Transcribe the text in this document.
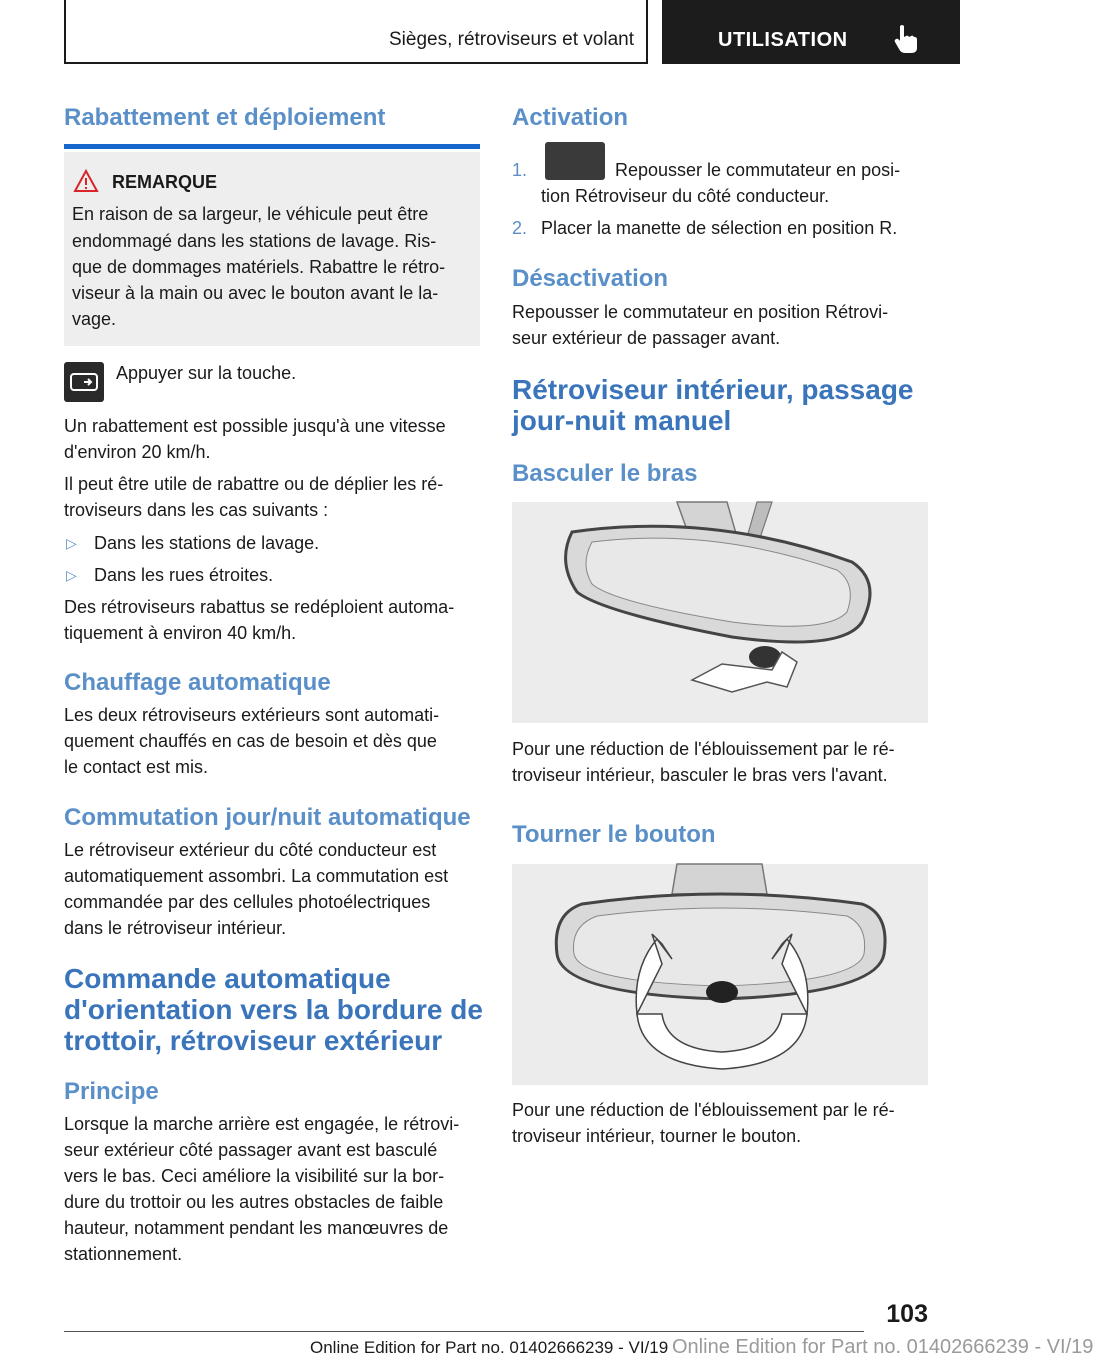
Sièges, rétroviseurs et volant	UTILISATION
Rabattement et déploiement
REMARQUE
En raison de sa largeur, le véhicule peut être
endommagé dans les stations de lavage. Ris-
que de dommages matériels. Rabattre le rétro-
viseur à la main ou avec le bouton avant le la-
vage.
Appuyer sur la touche.
Un rabattement est possible jusqu'à une vitesse
d'environ 20 km/h.
Il peut être utile de rabattre ou de déplier les ré-
troviseurs dans les cas suivants :
▷ Dans les stations de lavage.
▷ Dans les rues étroites.
Des rétroviseurs rabattus se redéploient automa-
tiquement à environ 40 km/h.
Chauffage automatique
Les deux rétroviseurs extérieurs sont automati-
quement chauffés en cas de besoin et dès que
le contact est mis.
Commutation jour/nuit automatique
Le rétroviseur extérieur du côté conducteur est
automatiquement assombri. La commutation est
commandée par des cellules photoélectriques
dans le rétroviseur intérieur.
Commande automatique
d'orientation vers la bordure de
trottoir, rétroviseur extérieur
Principe
Lorsque la marche arrière est engagée, le rétrovi-
seur extérieur côté passager avant est basculé
vers le bas. Ceci améliore la visibilité sur la bor-
dure du trottoir ou les autres obstacles de faible
hauteur, notamment pendant les manœuvres de
stationnement.
Activation
1.	Repousser le commutateur en posi-
tion Rétroviseur du côté conducteur.
2. Placer la manette de sélection en position R.
Désactivation
Repousser le commutateur en position Rétrovi-
seur extérieur de passager avant.
Rétroviseur intérieur, passage
jour-nuit manuel
Basculer le bras
Pour une réduction de l'éblouissement par le ré-
troviseur intérieur, basculer le bras vers l'avant.
Tourner le bouton
Pour une réduction de l'éblouissement par le ré-
troviseur intérieur, tourner le bouton.
103
Online Edition for Part no. 01402666239 - VI/19 Online Edition for Part no. 01402666239 - VI/19
